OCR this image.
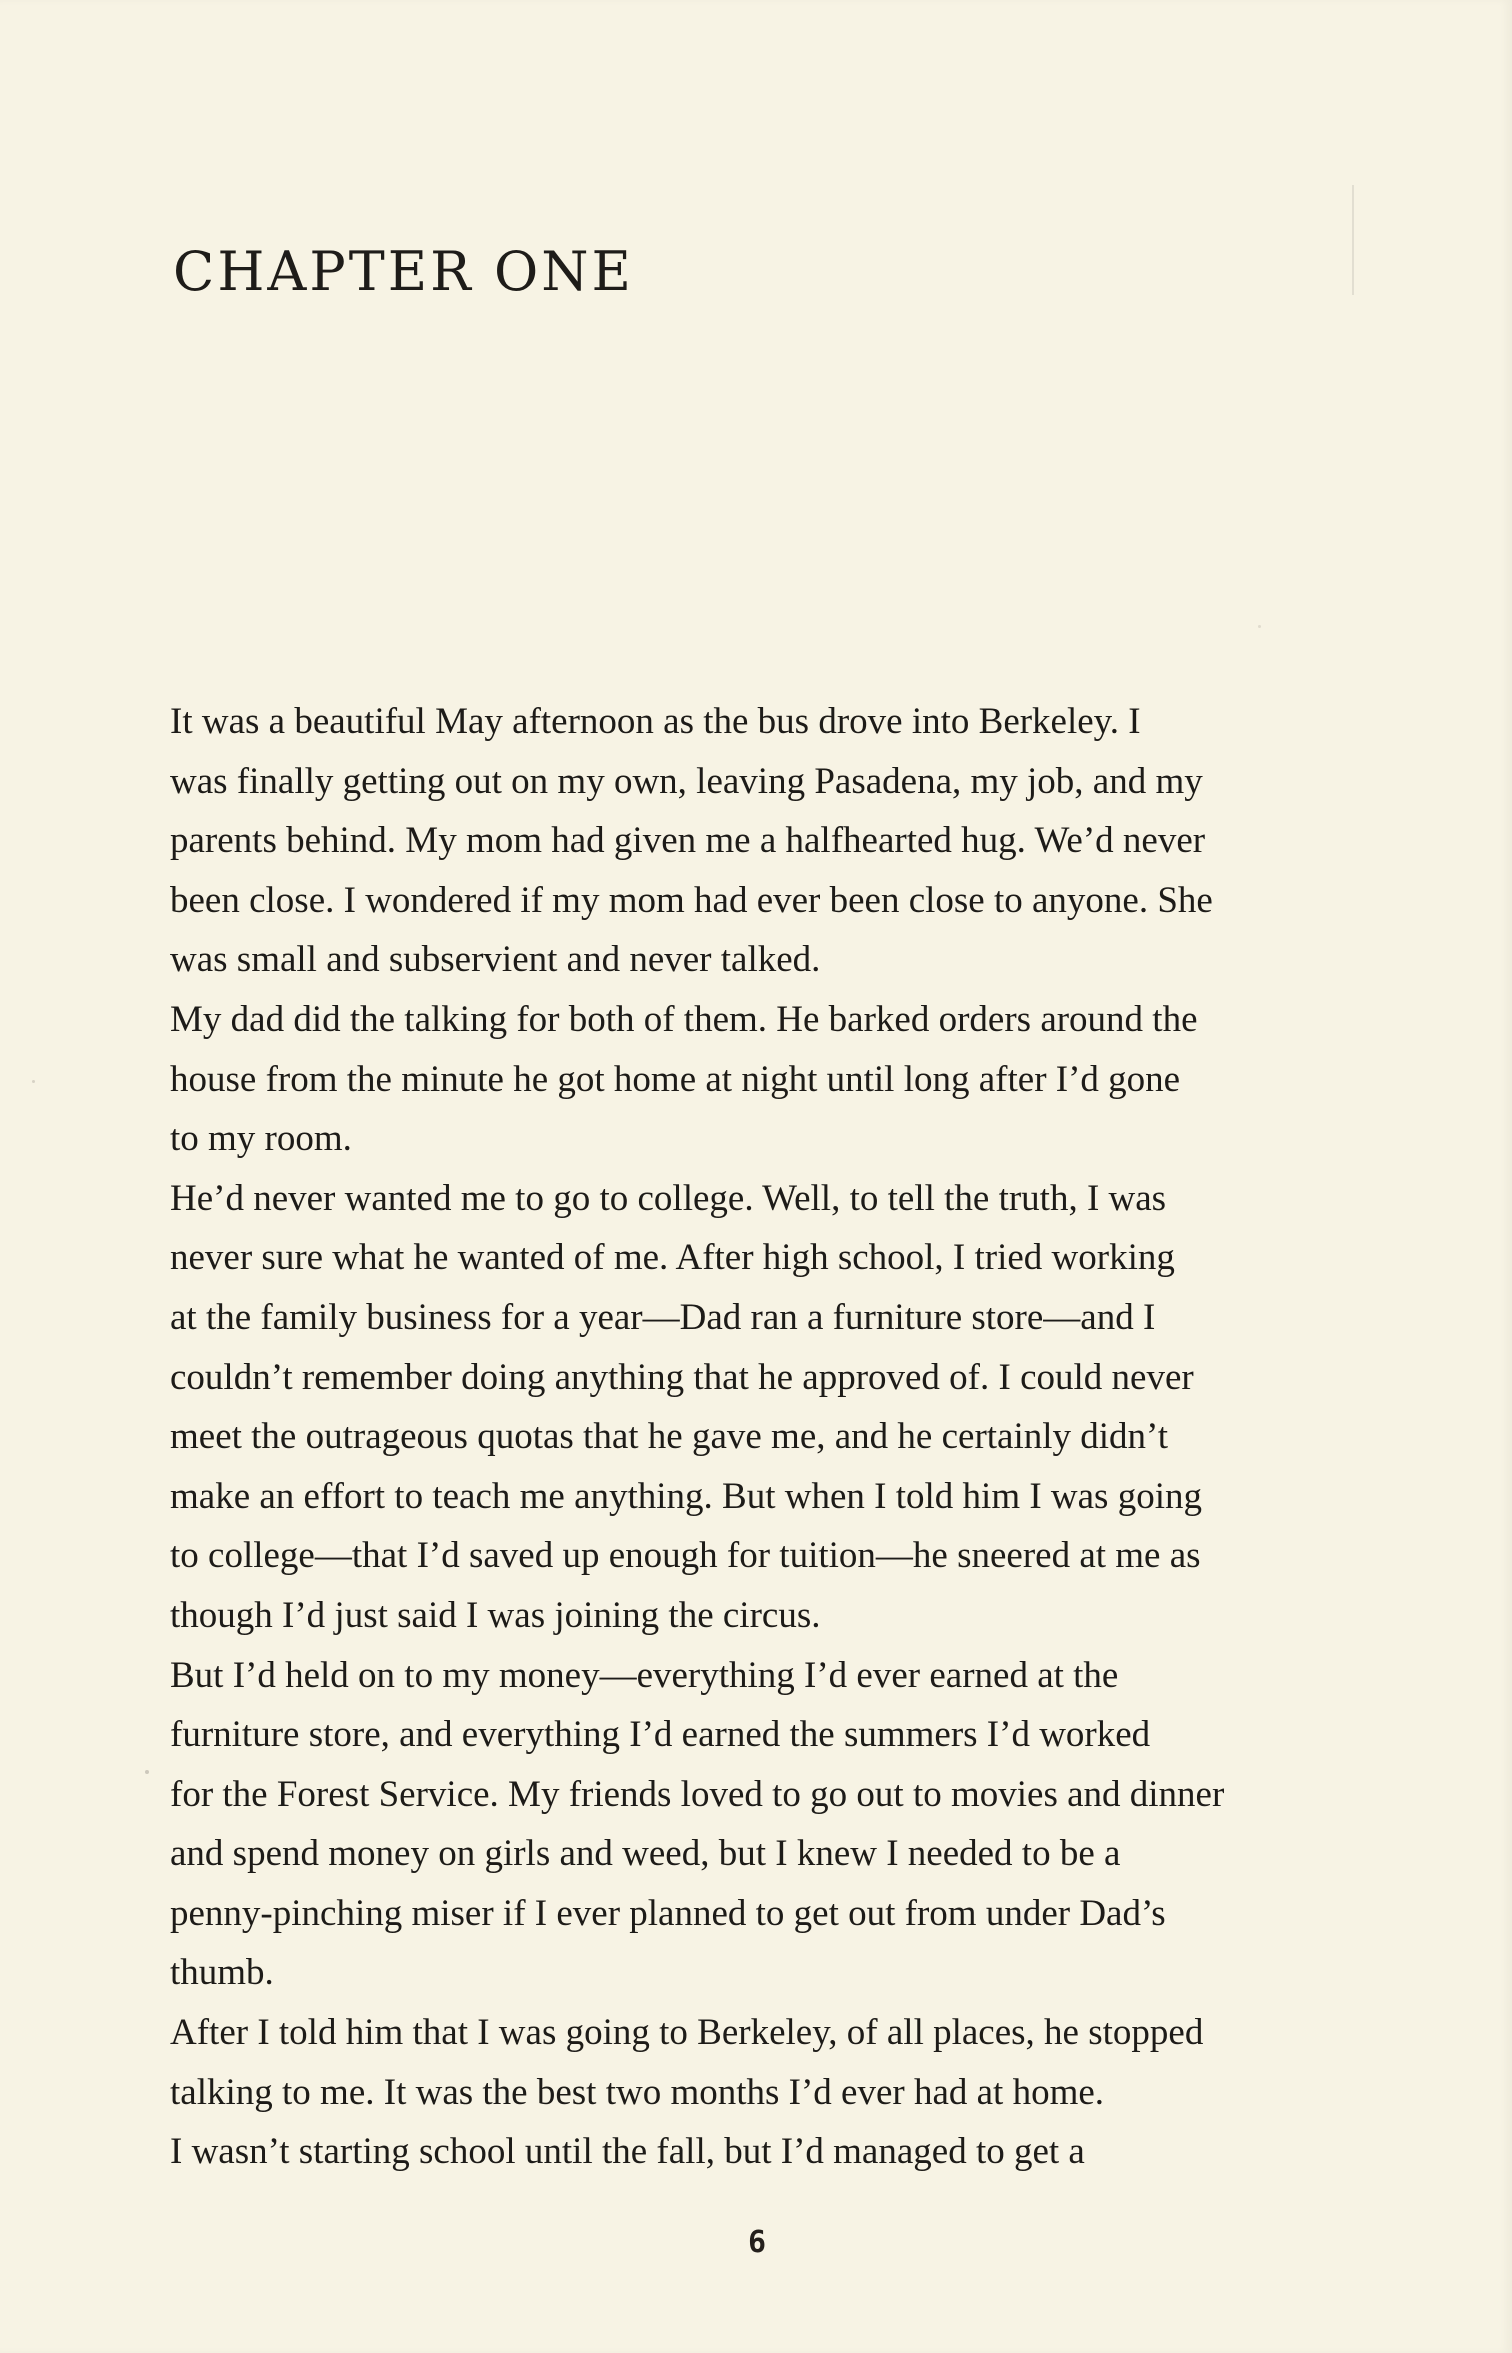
CHAPTER ONE
It was a beautiful May afternoon as the bus drove into Berkeley. I
was finally getting out on my own, leaving Pasadena, my job, and my
parents behind. My mom had given me a halfhearted hug. We’d never
been close. I wondered if my mom had ever been close to anyone. She
was small and subservient and never talked.
My dad did the talking for both of them. He barked orders around the
house from the minute he got home at night until long after I’d gone
to my room.
He’d never wanted me to go to college. Well, to tell the truth, I was
never sure what he wanted of me. After high school, I tried working
at the family business for a year—Dad ran a furniture store—and I
couldn’t remember doing anything that he approved of. I could never
meet the outrageous quotas that he gave me, and he certainly didn’t
make an effort to teach me anything. But when I told him I was going
to college—that I’d saved up enough for tuition—he sneered at me as
though I’d just said I was joining the circus.
But I’d held on to my money—everything I’d ever earned at the
furniture store, and everything I’d earned the summers I’d worked
for the Forest Service. My friends loved to go out to movies and dinner
and spend money on girls and weed, but I knew I needed to be a
penny-pinching miser if I ever planned to get out from under Dad’s
thumb.
After I told him that I was going to Berkeley, of all places, he stopped
talking to me. It was the best two months I’d ever had at home.
I wasn’t starting school until the fall, but I’d managed to get a
6
